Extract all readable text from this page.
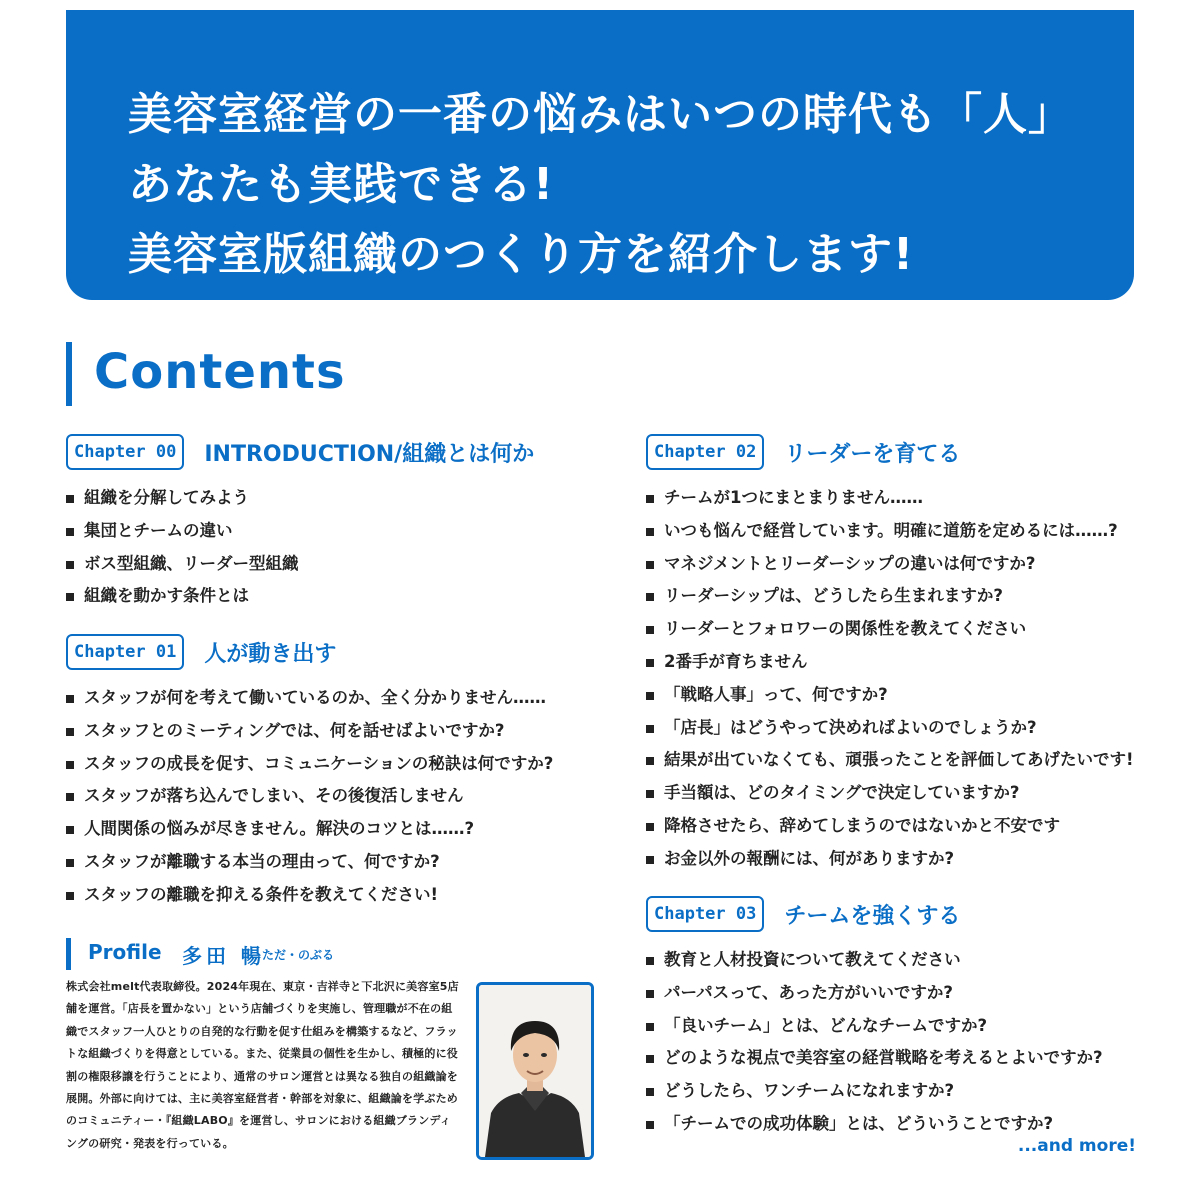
美容室経営の一番の悩みはいつの時代も「人」
あなたも実践できる!
美容室版組織のつくり方を紹介します!
Contents
Chapter 00	INTRODUCTION/組織とは何か
組織を分解してみよう
集団とチームの違い
ボス型組織、リーダー型組織
組織を動かす条件とは
Chapter 01	人が動き出す
スタッフが何を考えて働いているのか、全く分かりません……
スタッフとのミーティングでは、何を話せばよいですか?
スタッフの成長を促す、コミュニケーションの秘訣は何ですか?
スタッフが落ち込んでしまい、その後復活しません
人間関係の悩みが尽きません。解決のコツとは……?
スタッフが離職する本当の理由って、何ですか?
スタッフの離職を抑える条件を教えてください!
Chapter 02	リーダーを育てる
チームが1つにまとまりません……
いつも悩んで経営しています。明確に道筋を定めるには……?
マネジメントとリーダーシップの違いは何ですか?
リーダーシップは、どうしたら生まれますか?
リーダーとフォロワーの関係性を教えてください
2番手が育ちません
「戦略人事」って、何ですか?
「店長」はどうやって決めればよいのでしょうか?
結果が出ていなくても、頑張ったことを評価してあげたいです!
手当額は、どのタイミングで決定していますか?
降格させたら、辞めてしまうのではないかと不安です
お金以外の報酬には、何がありますか?
Chapter 03	チームを強くする
教育と人材投資について教えてください
パーパスって、あった方がいいですか?
「良いチーム」とは、どんなチームですか?
どのような視点で美容室の経営戦略を考えるとよいですか?
どうしたら、ワンチームになれますか?
「チームでの成功体験」とは、どういうことですか?
...and more!
Profile 多田 暢
ただ・のぶる
株式会社melt代表取締役。2024年現在、東京・吉祥寺と下北沢に美容室5店舗を運営。「店長を置かない」という店舗づくりを実施し、管理職が不在の組織でスタッフ一人ひとりの自発的な行動を促す仕組みを構築するなど、フラットな組織づくりを得意としている。また、従業員の個性を生かし、積極的に役割の権限移譲を行うことにより、通常のサロン運営とは異なる独自の組織論を展開。外部に向けては、主に美容室経営者・幹部を対象に、組織論を学ぶためのコミュニティー・『組織LABO』を運営し、サロンにおける組織ブランディングの研究・発表を行っている。
